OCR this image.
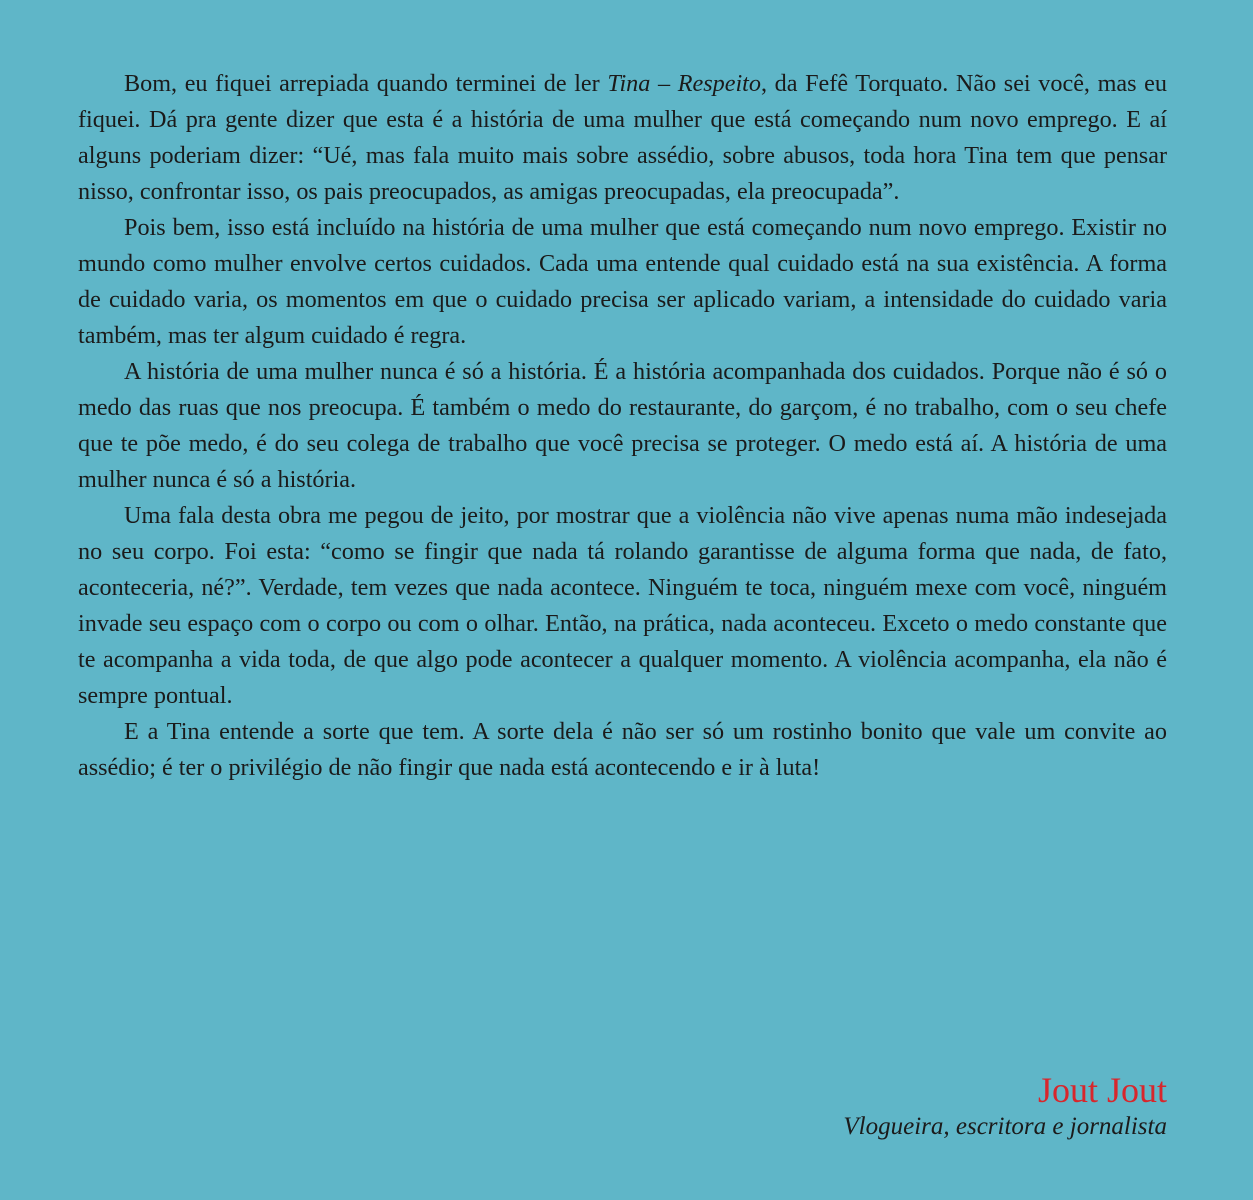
Bom, eu fiquei arrepiada quando terminei de ler Tina – Respeito, da Fefê Torquato. Não sei você, mas eu fiquei. Dá pra gente dizer que esta é a história de uma mulher que está começando num novo emprego. E aí alguns poderiam dizer: “Ué, mas fala muito mais sobre assédio, sobre abusos, toda hora Tina tem que pensar nisso, confrontar isso, os pais preocupados, as amigas preocupadas, ela preocupada”.

Pois bem, isso está incluído na história de uma mulher que está começando num novo emprego. Existir no mundo como mulher envolve certos cuidados. Cada uma entende qual cuidado está na sua existência. A forma de cuidado varia, os momentos em que o cuidado precisa ser aplicado variam, a intensidade do cuidado varia também, mas ter algum cuidado é regra.

A história de uma mulher nunca é só a história. É a história acompanhada dos cuidados. Porque não é só o medo das ruas que nos preocupa. É também o medo do restaurante, do garçom, é no trabalho, com o seu chefe que te põe medo, é do seu colega de trabalho que você precisa se proteger. O medo está aí. A história de uma mulher nunca é só a história.

Uma fala desta obra me pegou de jeito, por mostrar que a violência não vive apenas numa mão indesejada no seu corpo. Foi esta: “como se fingir que nada tá rolando garantisse de alguma forma que nada, de fato, aconteceria, né?”. Verdade, tem vezes que nada acontece. Ninguém te toca, ninguém mexe com você, ninguém invade seu espaço com o corpo ou com o olhar. Então, na prática, nada aconteceu. Exceto o medo constante que te acompanha a vida toda, de que algo pode acontecer a qualquer momento. A violência acompanha, ela não é sempre pontual.

E a Tina entende a sorte que tem. A sorte dela é não ser só um rostinho bonito que vale um convite ao assédio; é ter o privilégio de não fingir que nada está acontecendo e ir à luta!

Jout Jout
Vlogueira, escritora e jornalista
